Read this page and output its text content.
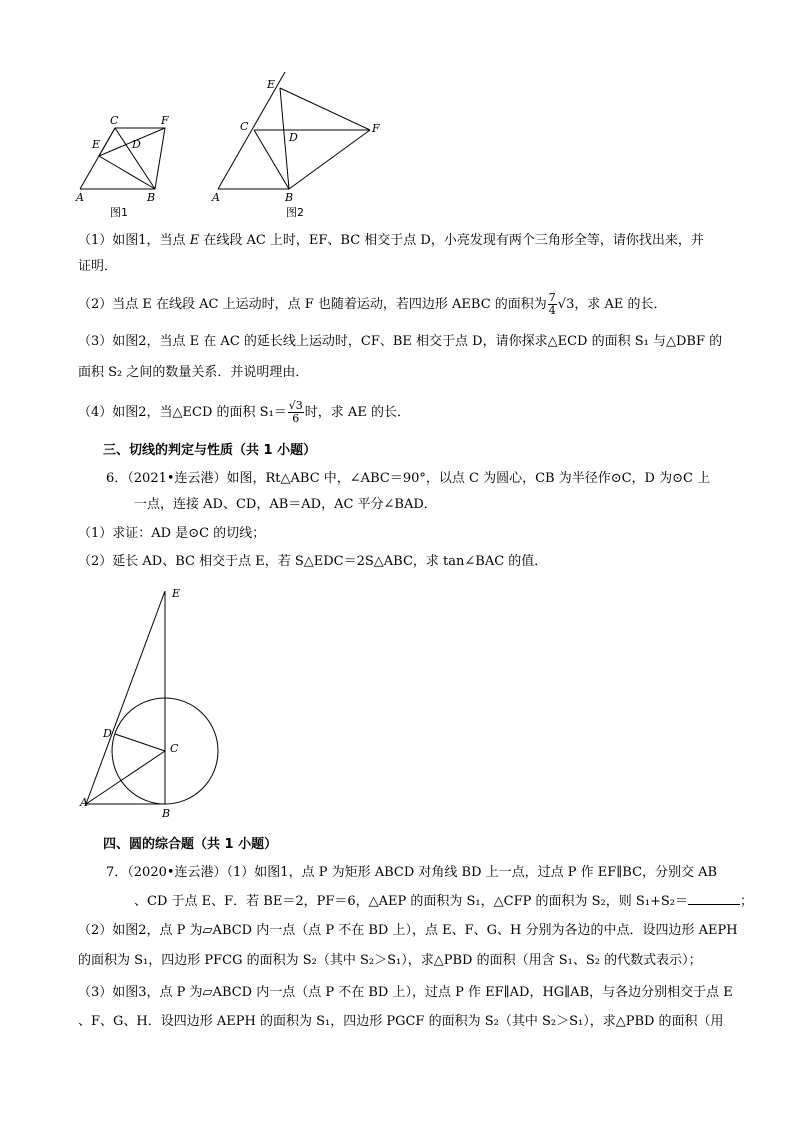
C	F
E	D
A	B
图1
E
C
D
F
A	B
图2
（1）如图1，当点 E 在线段 AC 上时，EF、BC 相交于点 D，小亮发现有两个三角形全等，请你找出来，并
证明．
（2）当点 E 在线段 AC 上运动时，点 F 也随着运动，若四边形 AEBC 的面积为 $\frac{7}{4} √3$，求 AE 的长．
（3）如图2，当点 E 在 AC 的延长线上运动时，CF、BE 相交于点 D，请你探求△ECD 的面积 S₁ 与△DBF 的
面积 S₂ 之间的数量关系．并说明理由．
（4）如图2，当△ECD 的面积 $S_1= \frac{√3}{6}$ 时，求 AE 的长．
三、切线的判定与性质（共 1 小题）
6．（2021•连云港）如图，Rt△ABC 中，∠ABC＝90°，以点 C 为圆心，CB 为半径作⊙C，D 为⊙C 上
一点，连接 AD、CD，AB＝AD，AC 平分∠BAD．
（1）求证：AD 是⊙C 的切线；
（2）延长 AD、BC 相交于点 E，若 S△EDC＝2S△ABC，求 tan∠BAC 的值．
E
D
C
A
B
四、圆的综合题（共 1 小题）
7．（2020•连云港）（1）如图1，点 P 为矩形 ABCD 对角线 BD 上一点，过点 P 作 EF∥BC，分别交 AB
、CD 于点 E、F．若 BE＝2，PF＝6，△AEP 的面积为 S₁，△CFP 的面积为 S₂，则 S₁+S₂＝	；
（2）如图2，点 P 为▱ABCD 内一点（点 P 不在 BD 上），点 E、F、G、H 分别为各边的中点．设四边形 AEPH
的面积为 S₁，四边形 PFCG 的面积为 S₂（其中 S₂＞S₁），求△PBD 的面积（用含 S₁、S₂ 的代数式表示）；
（3）如图3，点 P 为▱ABCD 内一点（点 P 不在 BD 上），过点 P 作 EF∥AD，HG∥AB，与各边分别相交于点 E
、F、G、H．设四边形 AEPH 的面积为 S₁，四边形 PGCF 的面积为 S₂（其中 S₂＞S₁），求△PBD 的面积（用
